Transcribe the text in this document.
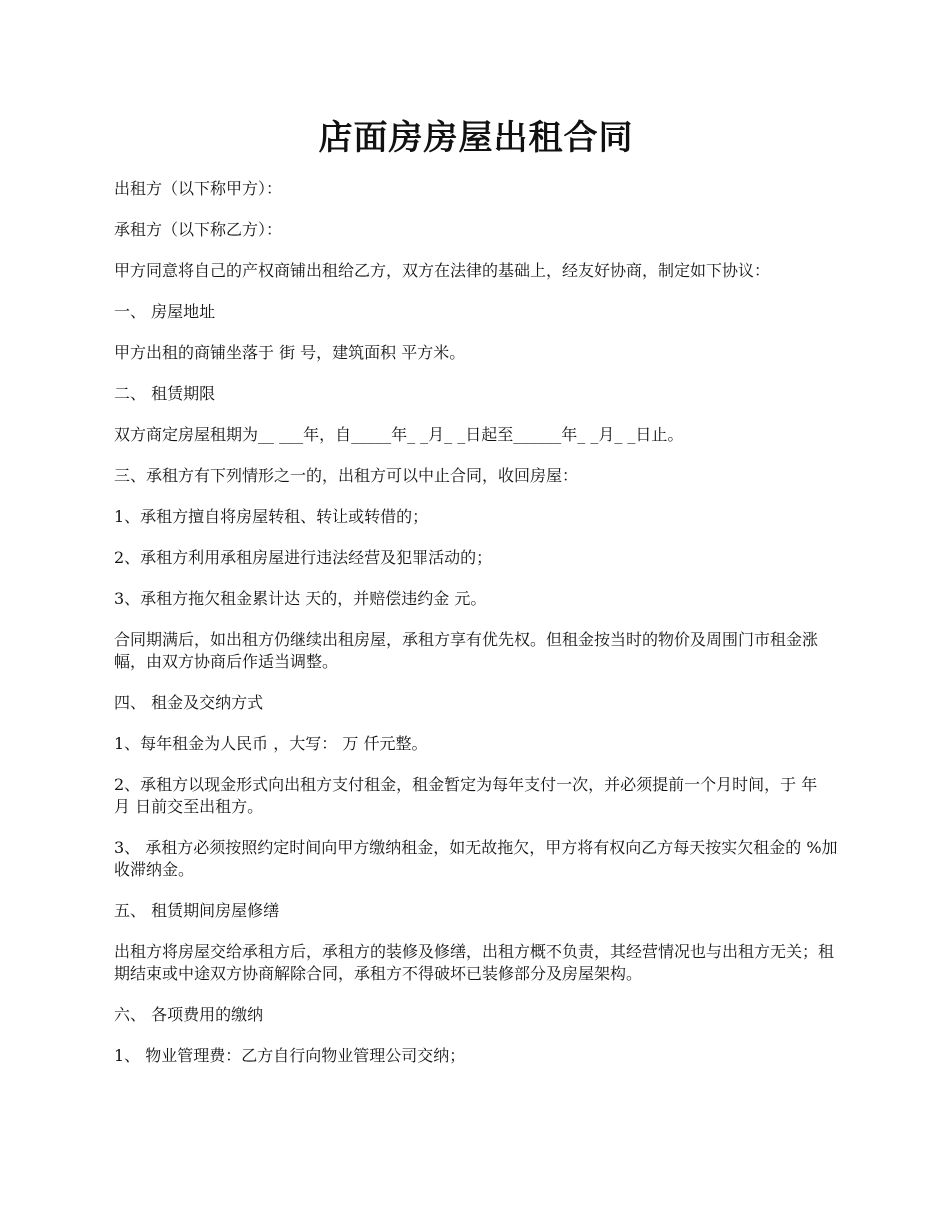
店面房房屋出租合同

出租方（以下称甲方）：

承租方（以下称乙方）：

甲方同意将自己的产权商铺出租给乙方，双方在法律的基础上，经友好协商，制定如下协议：

一、 房屋地址

甲方出租的商铺坐落于 街 号，建筑面积 平方米。

二、 租赁期限

双方商定房屋租期为__ ___年，自_____年_ _月_ _日起至______年_ _月_ _日止。

三、承租方有下列情形之一的，出租方可以中止合同，收回房屋：

1、承租方擅自将房屋转租、转让或转借的；

2、承租方利用承租房屋进行违法经营及犯罪活动的；

3、承租方拖欠租金累计达 天的，并赔偿违约金 元。

合同期满后，如出租方仍继续出租房屋，承租方享有优先权。但租金按当时的物价及周围门市租金涨幅，由双方协商后作适当调整。

四、 租金及交纳方式

1、每年租金为人民币 ，大写： 万 仟元整。

2、承租方以现金形式向出租方支付租金，租金暂定为每年支付一次，并必须提前一个月时间，于 年 月 日前交至出租方。

3、 承租方必须按照约定时间向甲方缴纳租金，如无故拖欠，甲方将有权向乙方每天按实欠租金的 %加收滞纳金。

五、 租赁期间房屋修缮

出租方将房屋交给承租方后，承租方的装修及修缮，出租方概不负责，其经营情况也与出租方无关；租期结束或中途双方协商解除合同，承租方不得破坏已装修部分及房屋架构。

六、 各项费用的缴纳

1、 物业管理费：乙方自行向物业管理公司交纳；
